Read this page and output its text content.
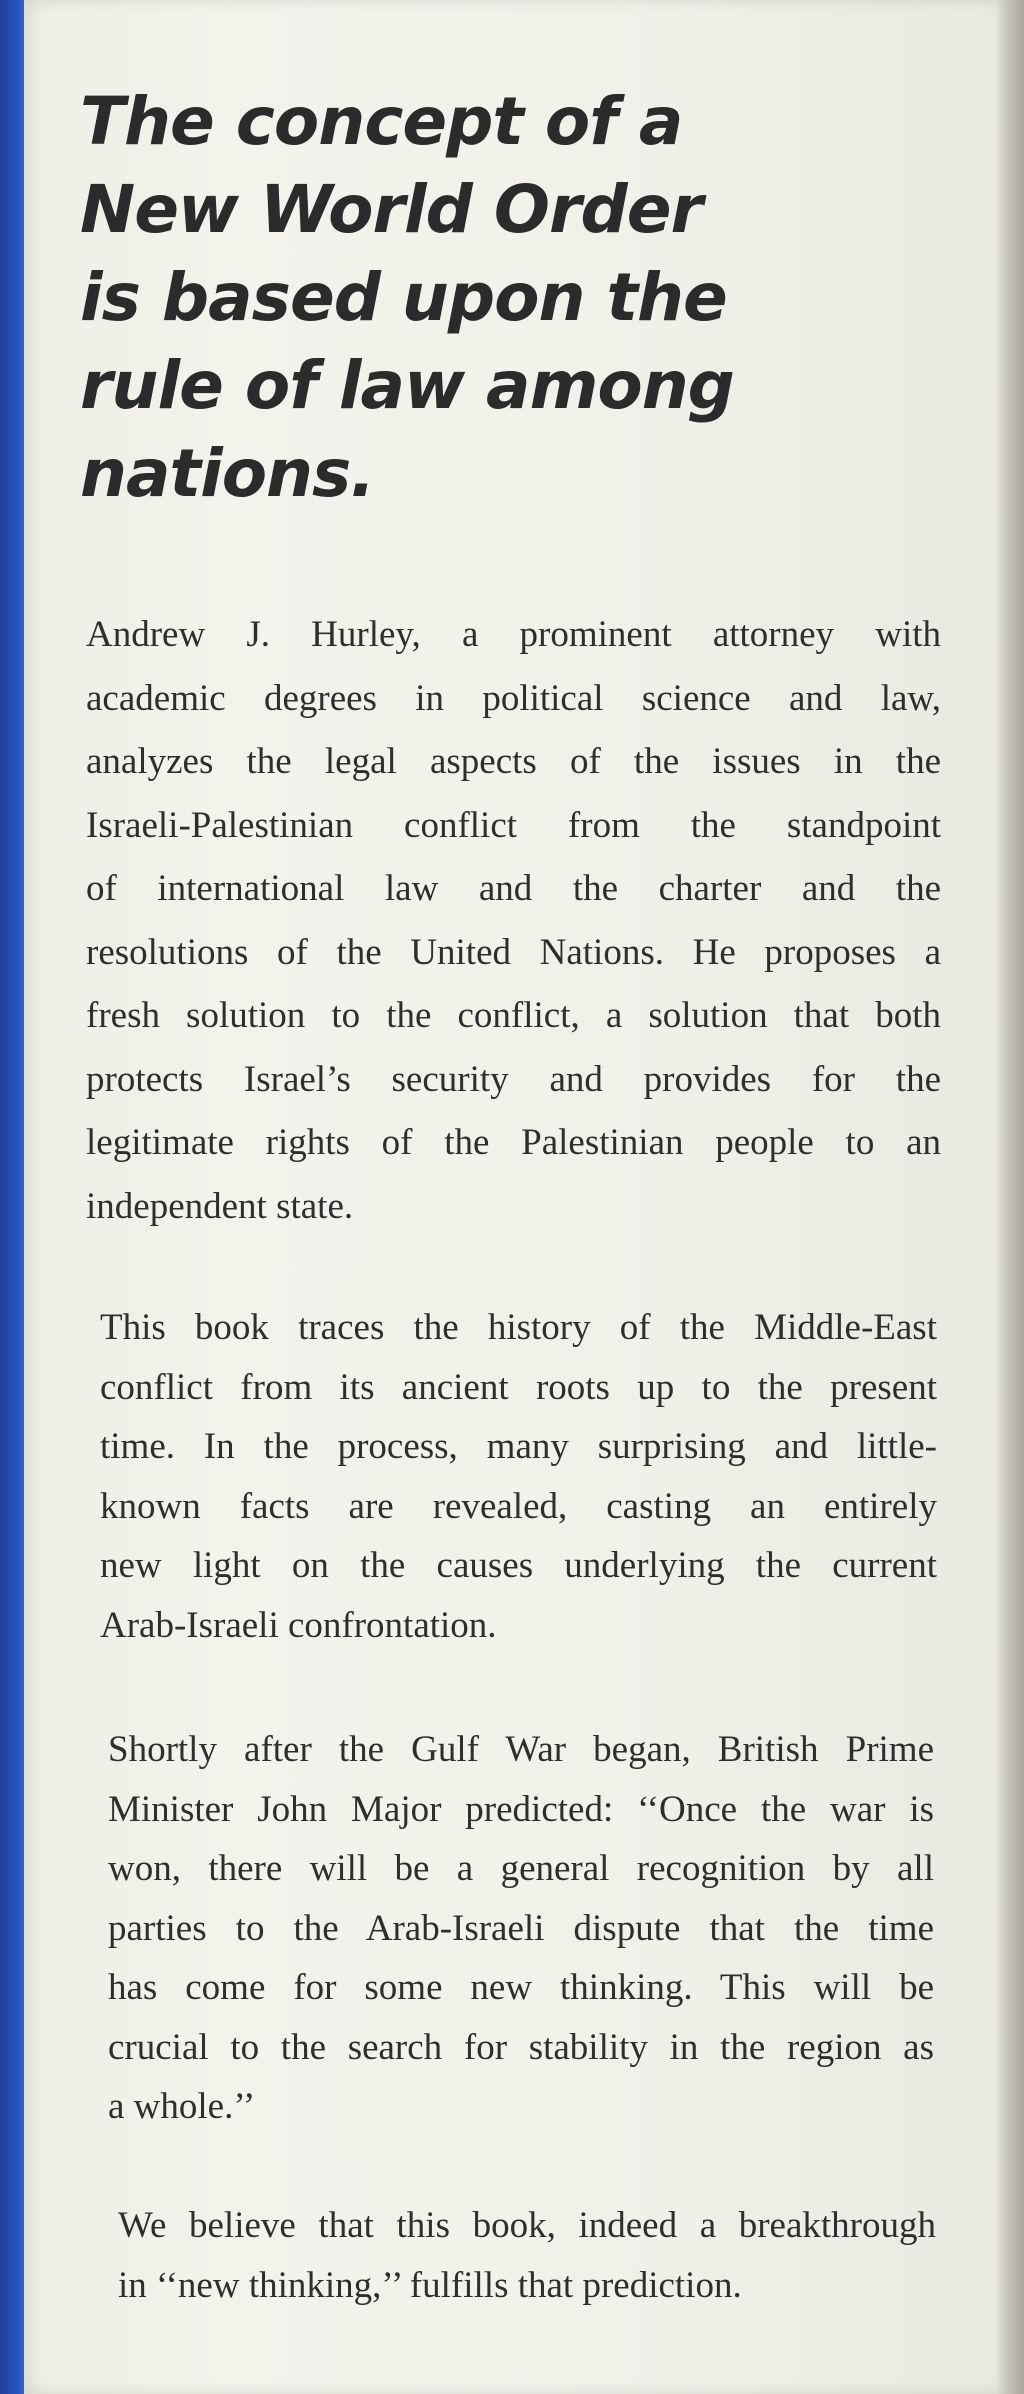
The concept of a
New World Order
is based upon the
rule of law among
nations.

Andrew J. Hurley, a prominent attorney with
academic degrees in political science and law,
analyzes the legal aspects of the issues in the
Israeli-Palestinian conflict from the standpoint
of international law and the charter and the
resolutions of the United Nations. He proposes a
fresh solution to the conflict, a solution that both
protects Israel’s security and provides for the
legitimate rights of the Palestinian people to an
independent state.

This book traces the history of the Middle-East
conflict from its ancient roots up to the present
time. In the process, many surprising and little-
known facts are revealed, casting an entirely
new light on the causes underlying the current
Arab-Israeli confrontation.

Shortly after the Gulf War began, British Prime
Minister John Major predicted: ‘‘Once the war is
won, there will be a general recognition by all
parties to the Arab-Israeli dispute that the time
has come for some new thinking. This will be
crucial to the search for stability in the region as
a whole.’’

We believe that this book, indeed a breakthrough
in ‘‘new thinking,’’ fulfills that prediction.
